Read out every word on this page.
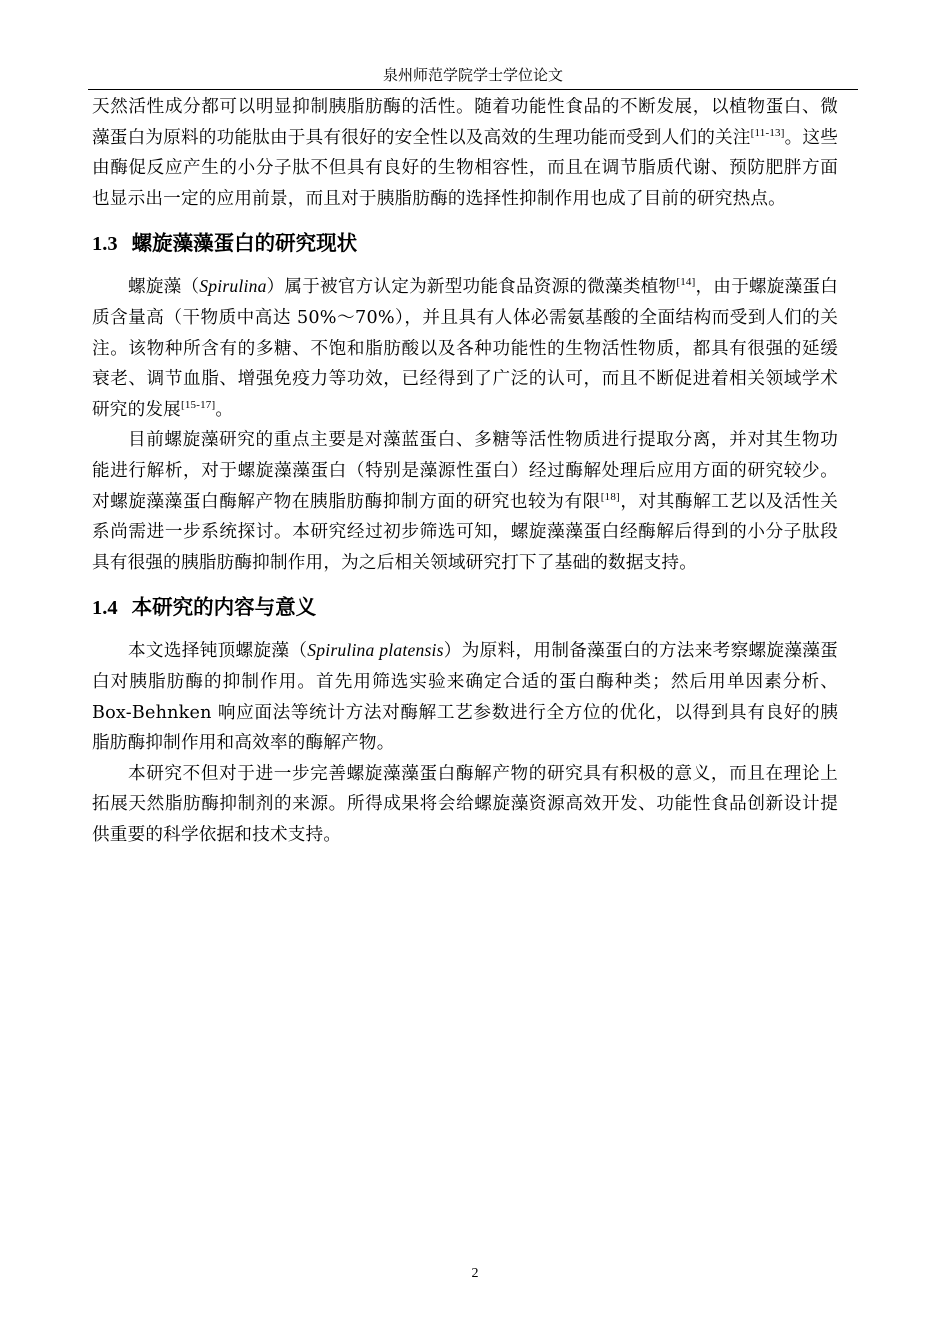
泉州师范学院学士学位论文

天然活性成分都可以明显抑制胰脂肪酶的活性。随着功能性食品的不断发展，以植物蛋白、微藻蛋白为原料的功能肽由于具有很好的安全性以及高效的生理功能而受到人们的关注[11-13]。这些由酶促反应产生的小分子肽不但具有良好的生物相容性，而且在调节脂质代谢、预防肥胖方面也显示出一定的应用前景，而且对于胰脂肪酶的选择性抑制作用也成了目前的研究热点。

1.3 螺旋藻藻蛋白的研究现状

螺旋藻（Spirulina）属于被官方认定为新型功能食品资源的微藻类植物[14]，由于螺旋藻蛋白质含量高（干物质中高达 50%～70%），并且具有人体必需氨基酸的全面结构而受到人们的关注。该物种所含有的多糖、不饱和脂肪酸以及各种功能性的生物活性物质，都具有很强的延缓衰老、调节血脂、增强免疫力等功效，已经得到了广泛的认可，而且不断促进着相关领域学术研究的发展[15-17]。

目前螺旋藻研究的重点主要是对藻蓝蛋白、多糖等活性物质进行提取分离，并对其生物功能进行解析，对于螺旋藻藻蛋白（特别是藻源性蛋白）经过酶解处理后应用方面的研究较少。对螺旋藻藻蛋白酶解产物在胰脂肪酶抑制方面的研究也较为有限[18]，对其酶解工艺以及活性关系尚需进一步系统探讨。本研究经过初步筛选可知，螺旋藻藻蛋白经酶解后得到的小分子肽段具有很强的胰脂肪酶抑制作用，为之后相关领域研究打下了基础的数据支持。

1.4 本研究的内容与意义

本文选择钝顶螺旋藻（Spirulina platensis）为原料，用制备藻蛋白的方法来考察螺旋藻藻蛋白对胰脂肪酶的抑制作用。首先用筛选实验来确定合适的蛋白酶种类；然后用单因素分析、Box-Behnken 响应面法等统计方法对酶解工艺参数进行全方位的优化，以得到具有良好的胰脂肪酶抑制作用和高效率的酶解产物。

本研究不但对于进一步完善螺旋藻藻蛋白酶解产物的研究具有积极的意义，而且在理论上拓展天然脂肪酶抑制剂的来源。所得成果将会给螺旋藻资源高效开发、功能性食品创新设计提供重要的科学依据和技术支持。

2
